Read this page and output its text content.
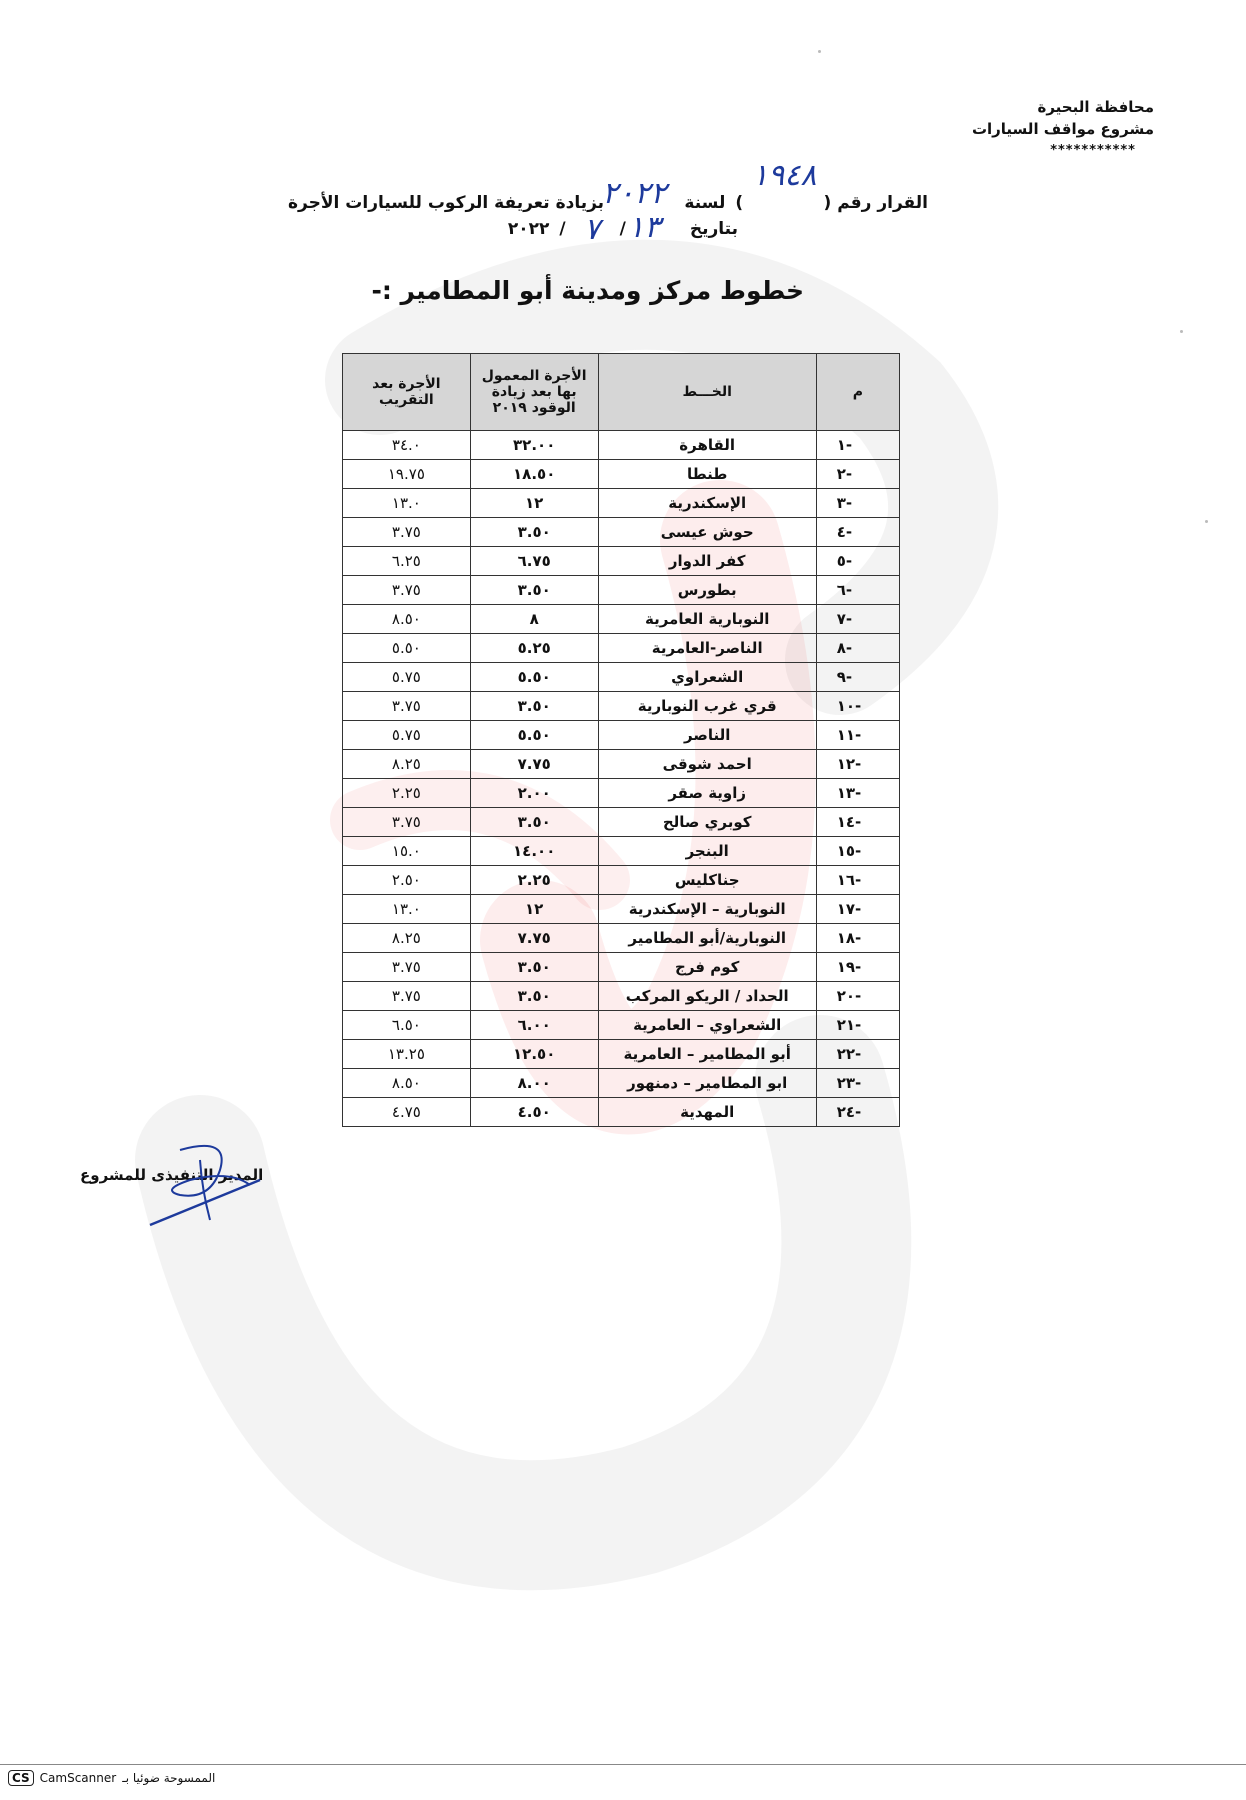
محافظة البحيرة
مشروع مواقف السيارات
***********
القرار رقم (
)
لسنة
بزيادة تعريفة الركوب للسيارات الأجرة
بتاريخ
/
/
٢٠٢٢
١٩٤٨
٢٠٢٢
١٣
٧
خطوط مركز ومدينة أبو المطامير :-
م	الخـــط	الأجرة المعمول بها بعد زيادة الوقود ٢٠١٩	الأجرة بعد التقريب
١-	القاهرة	٣٢.٠٠	٣٤.٠
٢-	طنطا	١٨.٥٠	١٩.٧٥
٣-	الإسكندرية	١٢	١٣.٠
٤-	حوش عيسى	٣.٥٠	٣.٧٥
٥-	كفر الدوار	٦.٧٥	٦.٢٥
٦-	بطورس	٣.٥٠	٣.٧٥
٧-	النوبارية العامرية	٨	٨.٥٠
٨-	الناصر-العامرية	٥.٢٥	٥.٥٠
٩-	الشعراوي	٥.٥٠	٥.٧٥
١٠-	قري غرب النوبارية	٣.٥٠	٣.٧٥
١١-	الناصر	٥.٥٠	٥.٧٥
١٢-	احمد شوقى	٧.٧٥	٨.٢٥
١٣-	زاوية صقر	٢.٠٠	٢.٢٥
١٤-	كوبري صالح	٣.٥٠	٣.٧٥
١٥-	البنجر	١٤.٠٠	١٥.٠
١٦-	جناكليس	٢.٢٥	٢.٥٠
١٧-	النوبارية – الإسكندرية	١٢	١٣.٠
١٨-	النوبارية/أبو المطامير	٧.٧٥	٨.٢٥
١٩-	كوم فرج	٣.٥٠	٣.٧٥
٢٠-	الحداد / الريكو المركب	٣.٥٠	٣.٧٥
٢١-	الشعراوي – العامرية	٦.٠٠	٦.٥٠
٢٢-	أبو المطامير – العامرية	١٢.٥٠	١٣.٢٥
٢٣-	ابو المطامير – دمنهور	٨.٠٠	٨.٥٠
٢٤-	المهدية	٤.٥٠	٤.٧٥
المدير التنفيذى للمشروع
CS CamScanner الممسوحة ضوئيا بـ
